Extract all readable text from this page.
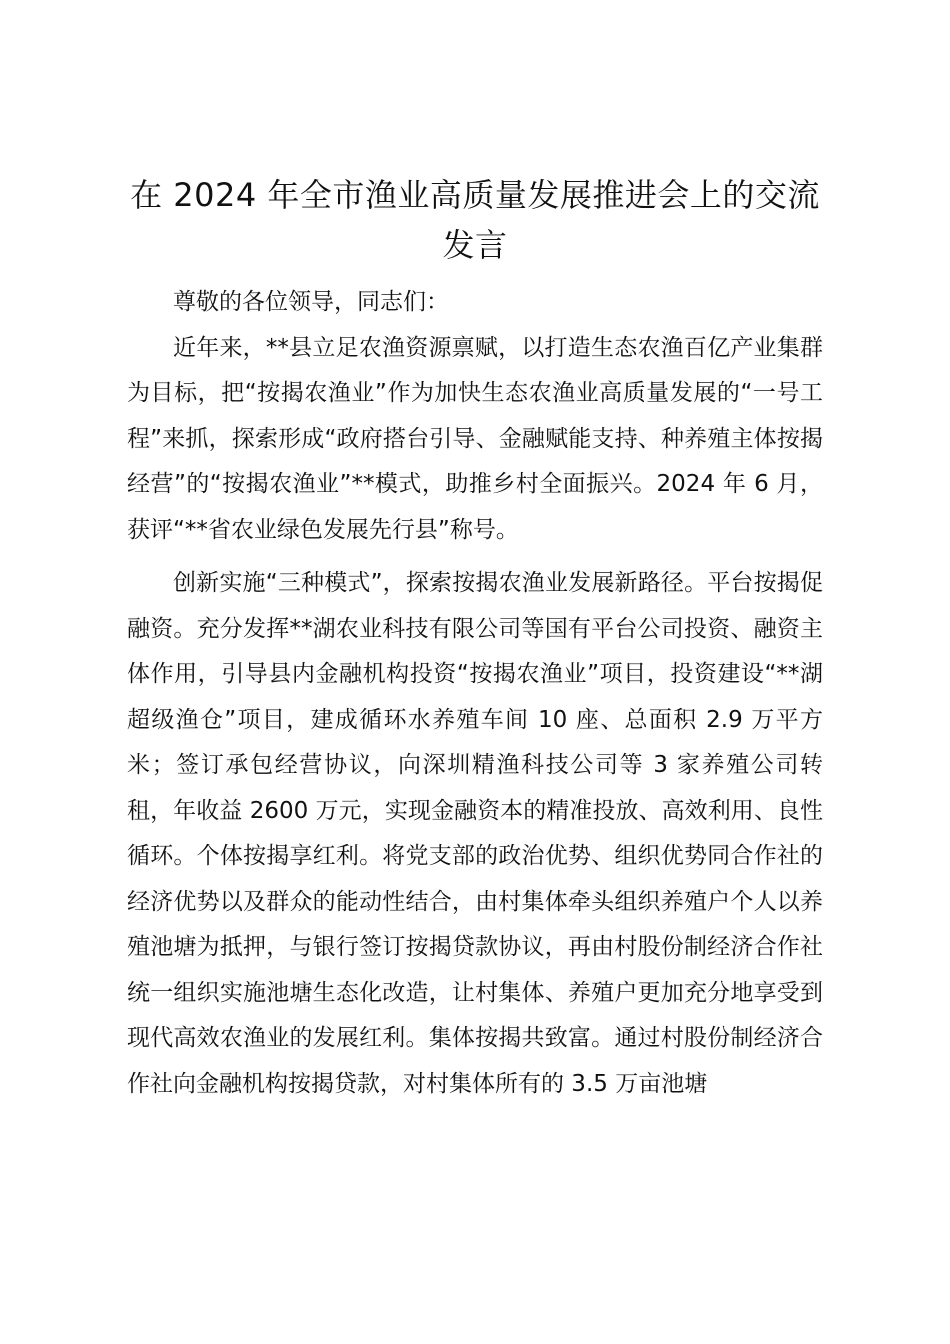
在 2024 年全市渔业高质量发展推进会上的交流发言

尊敬的各位领导，同志们：

近年来，**县立足农渔资源禀赋，以打造生态农渔百亿产业集群为目标，把“按揭农渔业”作为加快生态农渔业高质量发展的“一号工程”来抓，探索形成“政府搭台引导、金融赋能支持、种养殖主体按揭经营”的“按揭农渔业”**模式，助推乡村全面振兴。2024 年 6 月，获评“**省农业绿色发展先行县”称号。

创新实施“三种模式”，探索按揭农渔业发展新路径。平台按揭促融资。充分发挥**湖农业科技有限公司等国有平台公司投资、融资主体作用，引导县内金融机构投资“按揭农渔业”项目，投资建设“**湖超级渔仓”项目，建成循环水养殖车间 10 座、总面积 2.9 万平方米；签订承包经营协议，向深圳精渔科技公司等 3 家养殖公司转租，年收益 2600 万元，实现金融资本的精准投放、高效利用、良性循环。个体按揭享红利。将党支部的政治优势、组织优势同合作社的经济优势以及群众的能动性结合，由村集体牵头组织养殖户个人以养殖池塘为抵押，与银行签订按揭贷款协议，再由村股份制经济合作社统一组织实施池塘生态化改造，让村集体、养殖户更加充分地享受到现代高效农渔业的发展红利。集体按揭共致富。通过村股份制经济合作社向金融机构按揭贷款，对村集体所有的 3.5 万亩池塘
